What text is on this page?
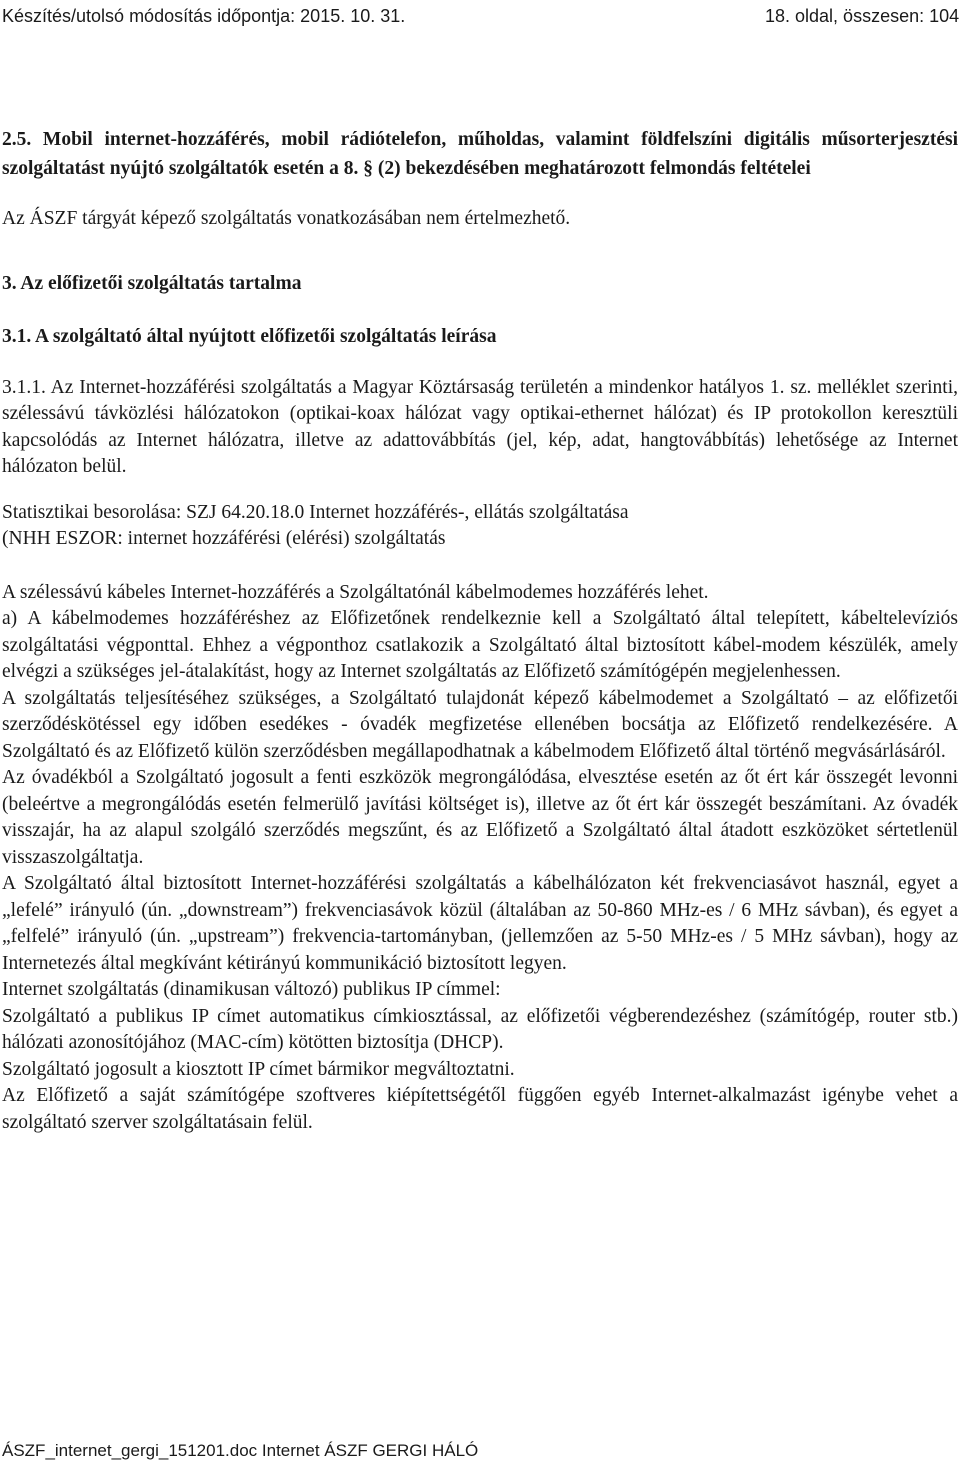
Készítés/utolsó módosítás időpontja: 2015. 10. 31.	18. oldal, összesen: 104

2.5. Mobil internet-hozzáférés, mobil rádiótelefon, műholdas, valamint földfelszíni digitális műsorterjesztési szolgáltatást nyújtó szolgáltatók esetén a 8. § (2) bekezdésében meghatározott felmondás feltételei

Az ÁSZF tárgyát képező szolgáltatás vonatkozásában nem értelmezhető.

3. Az előfizetői szolgáltatás tartalma

3.1. A szolgáltató által nyújtott előfizetői szolgáltatás leírása

3.1.1. Az Internet-hozzáférési szolgáltatás a Magyar Köztársaság területén a mindenkor hatályos 1. sz. melléklet szerinti, szélessávú távközlési hálózatokon (optikai-koax hálózat vagy optikai-ethernet hálózat) és IP protokollon keresztüli kapcsolódás az Internet hálózatra, illetve az adattovábbítás (jel, kép, adat, hangtovábbítás) lehetősége az Internet hálózaton belül.

Statisztikai besorolása: SZJ 64.20.18.0 Internet hozzáférés-, ellátás szolgáltatása

(NHH ESZOR: internet hozzáférési (elérési) szolgáltatás

A szélessávú kábeles Internet-hozzáférés a Szolgáltatónál kábelmodemes hozzáférés lehet.

a) A kábelmodemes hozzáféréshez az Előfizetőnek rendelkeznie kell a Szolgáltató által telepített, kábeltelevíziós szolgáltatási végponttal. Ehhez a végponthoz csatlakozik a Szolgáltató által biztosított kábel-modem készülék, amely elvégzi a szükséges jel-átalakítást, hogy az Internet szolgáltatás az Előfizető számítógépén megjelenhessen.

A szolgáltatás teljesítéséhez szükséges, a Szolgáltató tulajdonát képező kábelmodemet a Szolgáltató – az előfizetői szerződéskötéssel egy időben esedékes - óvadék megfizetése ellenében bocsátja az Előfizető rendelkezésére. A Szolgáltató és az Előfizető külön szerződésben megállapodhatnak a kábelmodem Előfizető által történő megvásárlásáról.

Az óvadékból a Szolgáltató jogosult a fenti eszközök megrongálódása, elvesztése esetén az őt ért kár összegét levonni (beleértve a megrongálódás esetén felmerülő javítási költséget is), illetve az őt ért kár összegét beszámítani. Az óvadék visszajár, ha az alapul szolgáló szerződés megszűnt, és az Előfizető a Szolgáltató által átadott eszközöket sértetlenül visszaszolgáltatja.

A Szolgáltató által biztosított Internet-hozzáférési szolgáltatás a kábelhálózaton két frekvenciasávot használ, egyet a „lefelé” irányuló (ún. „downstream”) frekvenciasávok közül (általában az 50-860 MHz-es / 6 MHz sávban), és egyet a „felfelé” irányuló (ún. „upstream”) frekvencia-tartományban, (jellemzően az 5-50 MHz-es / 5 MHz sávban), hogy az Internetezés által megkívánt kétirányú kommunikáció biztosított legyen.

Internet szolgáltatás (dinamikusan változó) publikus IP címmel:

Szolgáltató a publikus IP címet automatikus címkiosztással, az előfizetői végberendezéshez (számítógép, router stb.) hálózati azonosítójához (MAC-cím) kötötten biztosítja (DHCP).

Szolgáltató jogosult a kiosztott IP címet bármikor megváltoztatni.

Az Előfizető a saját számítógépe szoftveres kiépítettségétől függően egyéb Internet-alkalmazást igénybe vehet a szolgáltató szerver szolgáltatásain felül.

ÁSZF_internet_gergi_151201.doc Internet ÁSZF GERGI HÁLÓ
